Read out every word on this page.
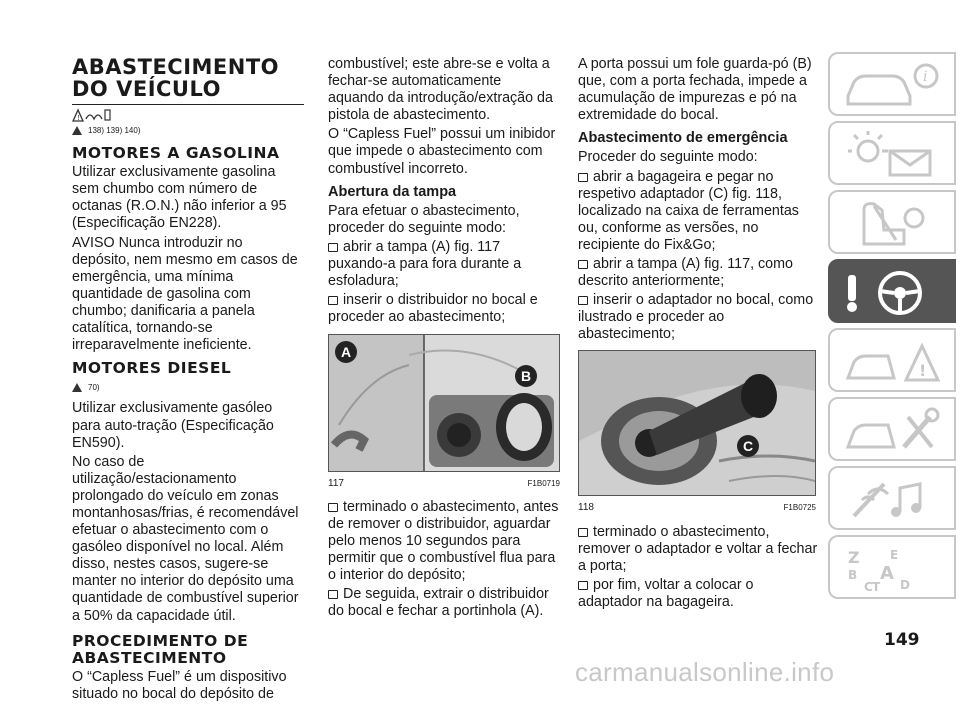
ABASTECIMENTO
DO VEÍCULO
!
138) 139) 140)
MOTORES A GASOLINA

Utilizar exclusivamente gasolina sem chumbo com número de octanas (R.O.N.) não inferior a 95 (Especificação EN228).

AVISO Nunca introduzir no depósito, nem mesmo em casos de emergência, uma mínima quantidade de gasolina com chumbo; danificaria a panela catalítica, tornando-se irreparavelmente ineficiente.

MOTORES DIESEL
70)

Utilizar exclusivamente gasóleo para auto-tração (Especificação EN590).

No caso de utilização/estacionamento prolongado do veículo em zonas montanhosas/frias, é recomendável efetuar o abastecimento com o gasóleo disponível no local. Além disso, nestes casos, sugere-se manter no interior do depósito uma quantidade de combustível superior a 50% da capacidade útil.

PROCEDIMENTO DE
ABASTECIMENTO

O “Capless Fuel” é um dispositivo situado no bocal do depósito de

combustível; este abre-se e volta a fechar-se automaticamente aquando da introdução/extração da pistola de abastecimento.

O “Capless Fuel” possui um inibidor que impede o abastecimento com combustível incorreto.

Abertura da tampa

Para efetuar o abastecimento, proceder do seguinte modo:

abrir a tampa (A) fig. 117 puxando-a para fora durante a esfoladura;

inserir o distribuidor no bocal e proceder ao abastecimento;

A
B
117	F1B0719

terminado o abastecimento, antes de remover o distribuidor, aguardar pelo menos 10 segundos para permitir que o combustível flua para o interior do depósito;

De seguida, extrair o distribuidor do bocal e fechar a portinhola (A).

A porta possui um fole guarda-pó (B) que, com a porta fechada, impede a acumulação de impurezas e pó na extremidade do bocal.

Abastecimento de emergência

Proceder do seguinte modo:

abrir a bagageira e pegar no respetivo adaptador (C) fig. 118, localizado na caixa de ferramentas ou, conforme as versões, no recipiente do Fix&Go;

abrir a tampa (A) fig. 117, como descrito anteriormente;

inserir o adaptador no bocal, como ilustrado e proceder ao abastecimento;

C
118	F1B0725

terminado o abastecimento, remover o adaptador e voltar a fechar a porta;

por fim, voltar a colocar o adaptador na bagageira.

i
!
Z	E
B A
C T D
149
carmanualsonline.info
